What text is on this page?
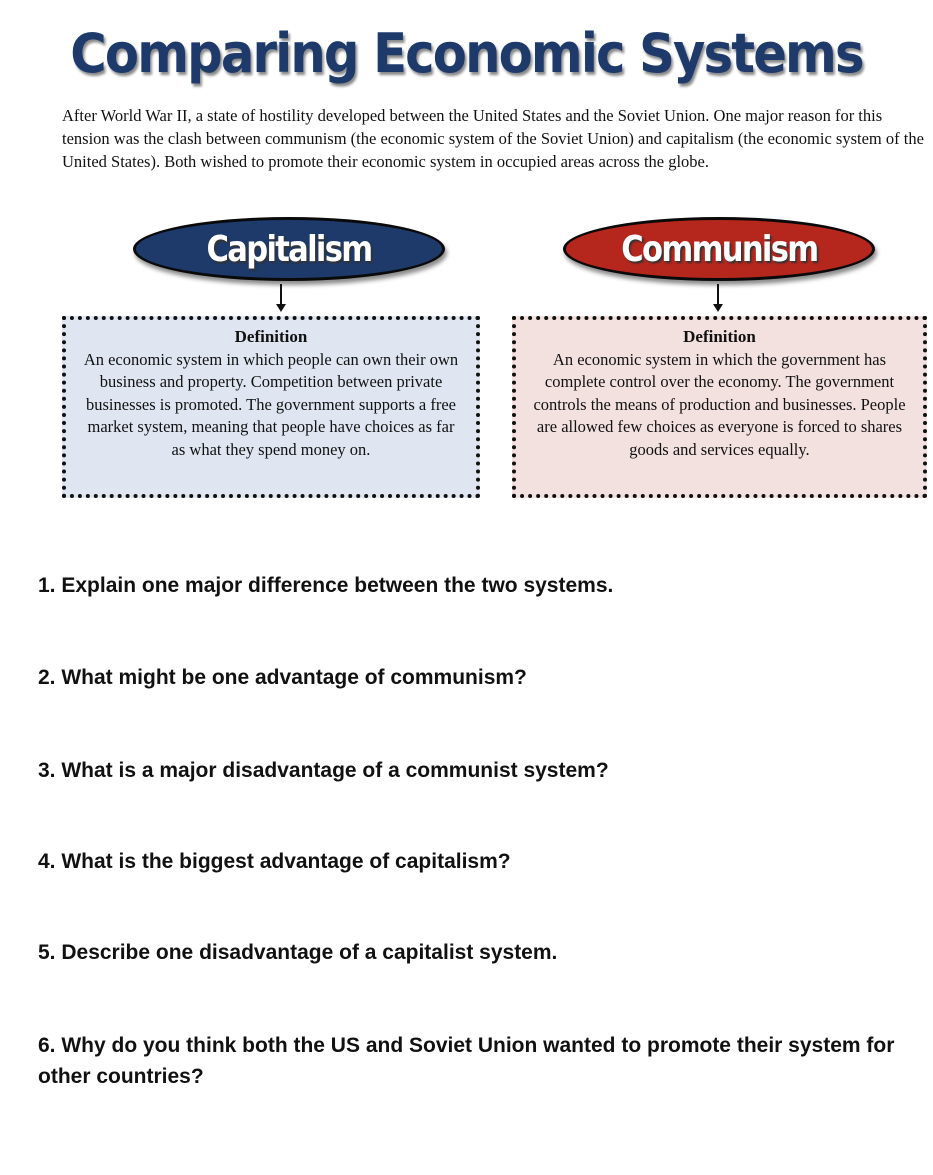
Comparing Economic Systems
After World War II, a state of hostility developed between the United States and the Soviet Union. One major reason for this tension was the clash between communism (the economic system of the Soviet Union) and capitalism (the economic system of the United States). Both wished to promote their economic system in occupied areas across the globe.
Capitalism	Communism
Definition
An economic system in which people can own their own business and property. Competition between private businesses is promoted. The government supports a free market system, meaning that people have choices as far as what they spend money on.
Definition
An economic system in which the government has complete control over the economy. The government controls the means of production and businesses. People are allowed few choices as everyone is forced to shares goods and services equally.
1. Explain one major difference between the two systems.
2. What might be one advantage of communism?
3. What is a major disadvantage of a communist system?
4. What is the biggest advantage of capitalism?
5. Describe one disadvantage of a capitalist system.
6. Why do you think both the US and Soviet Union wanted to promote their system for other countries?
